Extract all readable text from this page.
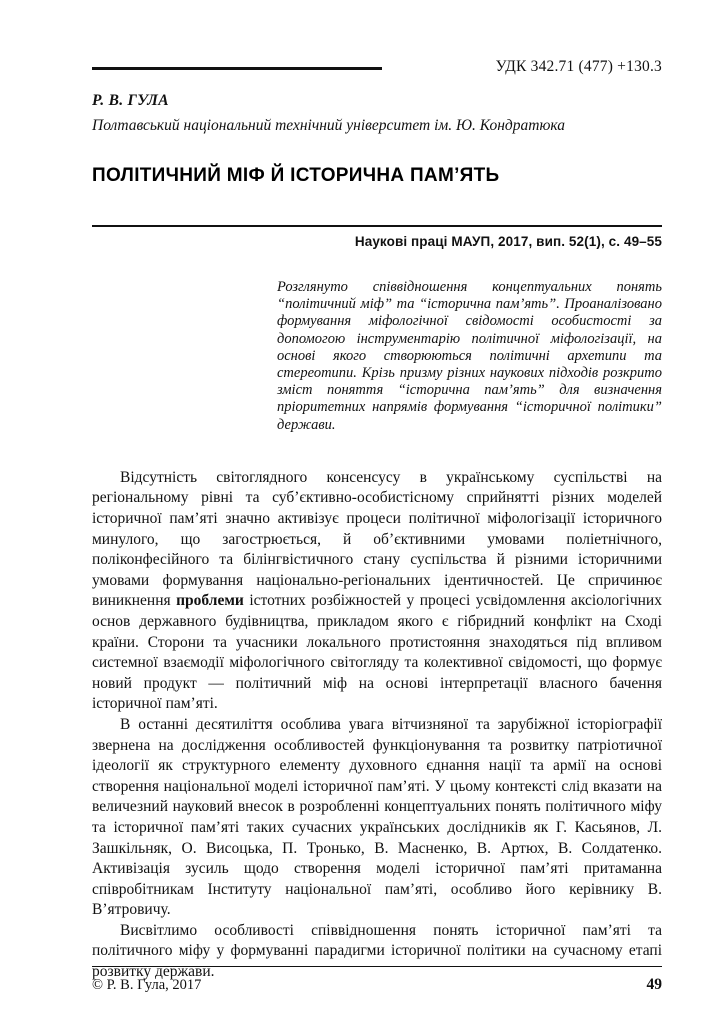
УДК 342.71 (477) +130.3
Р. В. ГУЛА
Полтавський національний технічний університет ім. Ю. Кондратюка
ПОЛІТИЧНИЙ МІФ Й ІСТОРИЧНА ПАМ’ЯТЬ
Наукові праці МАУП, 2017, вип. 52(1), с. 49–55
Розглянуто співвідношення концептуальних понять “політичний міф” та “історична пам’ять”. Проаналізовано формування міфологічної свідомості особистості за допомогою інструментарію політичної міфологізації, на основі якого створюються політичні архетипи та стереотипи. Крізь призму різних наукових підходів розкрито зміст поняття “історична пам’ять” для визначення пріоритетних напрямів формування “історичної політики” держави.

Відсутність світоглядного консенсусу в українському суспільстві на регіональному рівні та суб’єктивно-особистісному сприйнятті різних моделей історичної пам’яті значно активізує процеси політичної міфологізації історичного минулого, що загострюється, й об’єктивними умовами поліетнічного, поліконфесійного та білінгвістичного стану суспільства й різними історичними умовами формування національно-регіональних ідентичностей. Це спричинює виникнення проблеми істотних розбіжностей у процесі усвідомлення аксіологічних основ державного будівництва, прикладом якого є гібридний конфлікт на Сході країни. Сторони та учасники локального протистояння знаходяться під впливом системної взаємодії міфологічного світогляду та колективної свідомості, що формує новий продукт — політичний міф на основі інтерпретації власного бачення історичної пам’яті.

В останні десятиліття особлива увага вітчизняної та зарубіжної історіографії звернена на дослідження особливостей функціонування та розвитку патріотичної ідеології як структурного елементу духовного єднання нації та армії на основі створення національної моделі історичної пам’яті. У цьому контексті слід вказати на величезний науковий внесок в розробленні концептуальних понять політичного міфу та історичної пам’яті таких сучасних українських дослідників як Г. Касьянов, Л. Зашкільняк, О. Висоцька, П. Тронько, В. Масненко, В. Артюх, В. Солдатенко. Активізація зусиль щодо створення моделі історичної пам’яті притаманна співробітникам Інституту національної пам’яті, особливо його керівнику В. В’ятровичу.

Висвітлимо особливості співвідношення понять історичної пам’яті та політичного міфу у формуванні парадигми історичної політики на сучасному етапі розвитку держави.

© Р. В. Гула, 2017	49
